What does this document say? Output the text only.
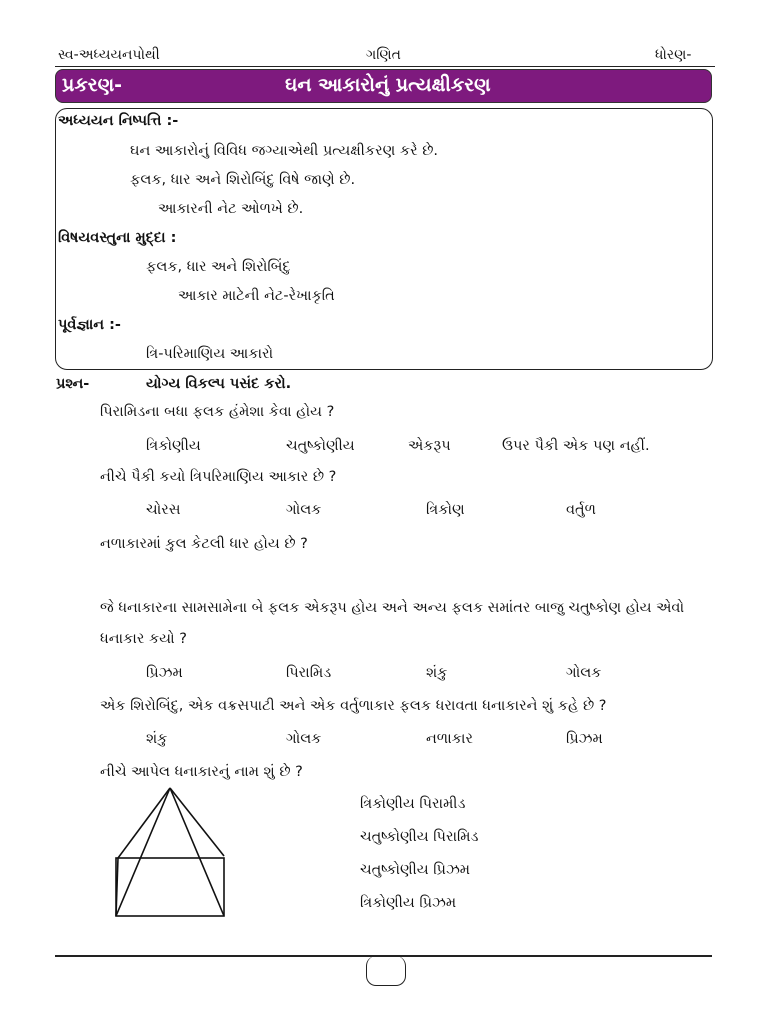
સ્વ-અધ્યયનપોથી	ગણિત	ધોરણ-
પ્રકરણ-	ઘન આકારોનું પ્રત્યક્ષીકરણ
અધ્યયન નિષ્પત્તિ :-
ઘન આકારોનું વિવિધ જગ્યાએથી પ્રત્યક્ષીકરણ કરે છે.
ફલક, ધાર અને શિરોબિંદુ વિષે જાણે છે.
આકારની નેટ ઓળખે છે.
વિષયવસ્તુના મુદ્દા :
ફલક, ધાર અને શિરોબિંદુ
આકાર માટેની નેટ-રેખાકૃતિ
પૂર્વજ્ઞાન :-
ત્રિ-પરિમાણિય આકારો
પ્રશ્ન-	યોગ્ય વિકલ્પ પસંદ કરો.
પિરામિડના બધા ફલક હંમેશા કેવા હોય ?
ત્રિકોણીય	ચતુષ્કોણીય	એકરૂપ	ઉપર પૈકી એક પણ નહીં.
નીચે પૈકી કયો ત્રિપરિમાણિય આકાર છે ?
ચોરસ	ગોલક	ત્રિકોણ	વર્તુળ
નળાકારમાં કુલ કેટલી ધાર હોય છે ?
જે ધનાકારના સામસામેના બે ફલક એકરૂપ હોય અને અન્ય ફલક સમાંતર બાજુ ચતુષ્કોણ હોય એવો
ધનાકાર કયો ?
પ્રિઝમ	પિરામિડ	શંકુ	ગોલક
એક શિરોબિંદુ, એક વક્રસપાટી અને એક વર્તુળાકાર ફલક ધરાવતા ધનાકારને શું કહે છે ?
શંકુ	ગોલક	નળાકાર	પ્રિઝમ
નીચે આપેલ ધનાકારનું નામ શું છે ?
ત્રિકોણીય પિરામીડ
ચતુષ્કોણીય પિરામિડ
ચતુષ્કોણીય પ્રિઝમ
ત્રિકોણીય પ્રિઝમ
